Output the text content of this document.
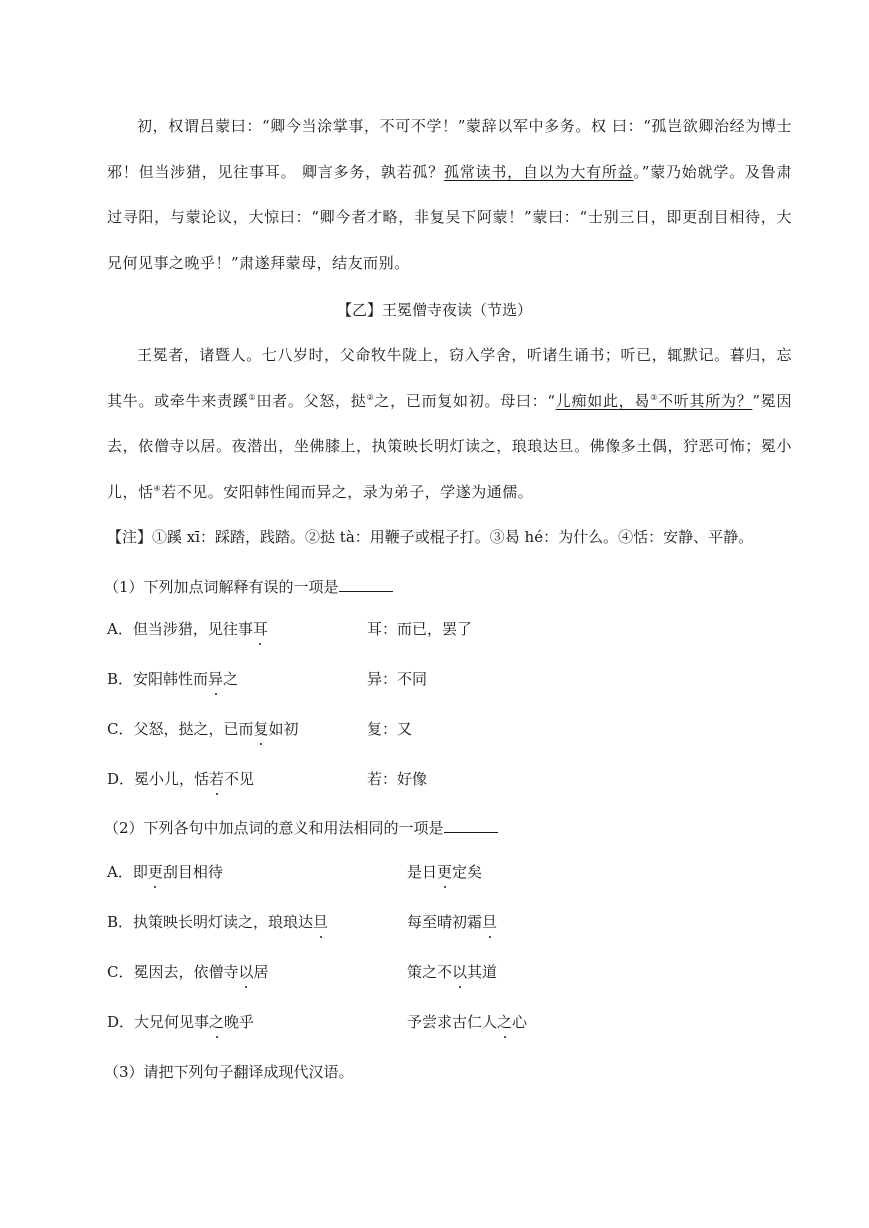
初，权谓吕蒙曰：“卿今当涂掌事，不可不学！”蒙辞以军中多务。权 曰：“孤岂欲卿治经为博士邪！但当涉猎，见往事耳。 卿言多务，孰若孤？孤常读书，自以为大有所益。”蒙乃始就学。及鲁肃过寻阳，与蒙论议，大惊曰：“卿今者才略，非复吴下阿蒙！”蒙曰：“士别三日，即更刮目相待，大兄何见事之晚乎！”肃遂拜蒙母，结友而别。

【乙】王冕僧寺夜读（节选）

王冕者，诸暨人。七八岁时，父命牧牛陇上，窃入学舍，听诸生诵书；听已，辄默记。暮归，忘其牛。或牵牛来责蹊①田者。父怒，挞②之，已而复如初。母曰：“儿痴如此，曷③不听其所为？”冕因去，依僧寺以居。夜潜出，坐佛膝上，执策映长明灯读之，琅琅达旦。佛像多土偶，狞恶可怖；冕小儿，恬④若不见。安阳韩性闻而异之，录为弟子，学遂为通儒。

【注】①蹊 xī：踩踏，践踏。②挞 tà：用鞭子或棍子打。③曷 hé：为什么。④恬：安静、平静。
（1）下列加点词解释有误的一项是
A．但当涉猎，见往事耳	耳：而已，罢了
B．安阳韩性而异之	异：不同
C．父怒，挞之，已而复如初	复：又
D．冕小儿，恬若不见	若：好像
（2）下列各句中加点词的意义和用法相同的一项是
A．即更刮目相待	是日更定矣
B．执策映长明灯读之，琅琅达旦	每至晴初霜旦
C．冕因去，依僧寺以居	策之不以其道
D．大兄何见事之晚乎	予尝求古仁人之心
（3）请把下列句子翻译成现代汉语。
